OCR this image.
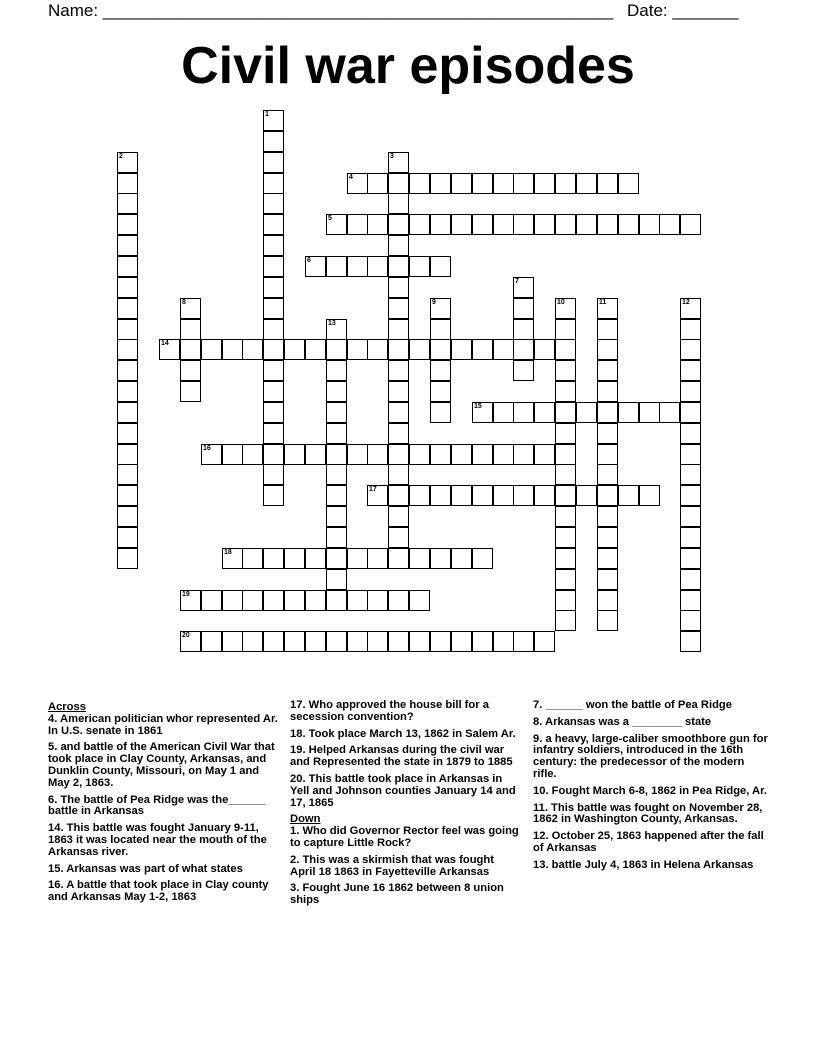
Name: ______________________________________________________ Date: _______
Civil war episodes
1
2	3
4
5
6
7
8	9	10	11	12
13
14
15
16
17
18
19
20
Across
4. American politician whor represented Ar. In U.S. senate in 1861
5. and battle of the American Civil War that took place in Clay County, Arkansas, and Dunklin County, Missouri, on May 1 and May 2, 1863.
6. The battle of Pea Ridge was the______ battle in Arkansas
14. This battle was fought January 9-11, 1863 it was located near the mouth of the Arkansas river.
15. Arkansas was part of what states
16. A battle that took place in Clay county and Arkansas May 1-2, 1863
17. Who approved the house bill for a secession convention?
18. Took place March 13, 1862 in Salem Ar.
19. Helped Arkansas during the civil war and Represented the state in 1879 to 1885
20. This battle took place in Arkansas in Yell and Johnson counties January 14 and 17, 1865
Down
1. Who did Governor Rector feel was going to capture Little Rock?
2. This was a skirmish that was fought April 18 1863 in Fayetteville Arkansas
3. Fought June 16 1862 between 8 union ships
7. ______ won the battle of Pea Ridge
8. Arkansas was a ________ state
9. a heavy, large-caliber smoothbore gun for infantry soldiers, introduced in the 16th century: the predecessor of the modern rifle.
10. Fought March 6-8, 1862 in Pea Ridge, Ar.
11. This battle was fought on November 28, 1862 in Washington County, Arkansas.
12. October 25, 1863 happened after the fall of Arkansas
13. battle July 4, 1863 in Helena Arkansas
